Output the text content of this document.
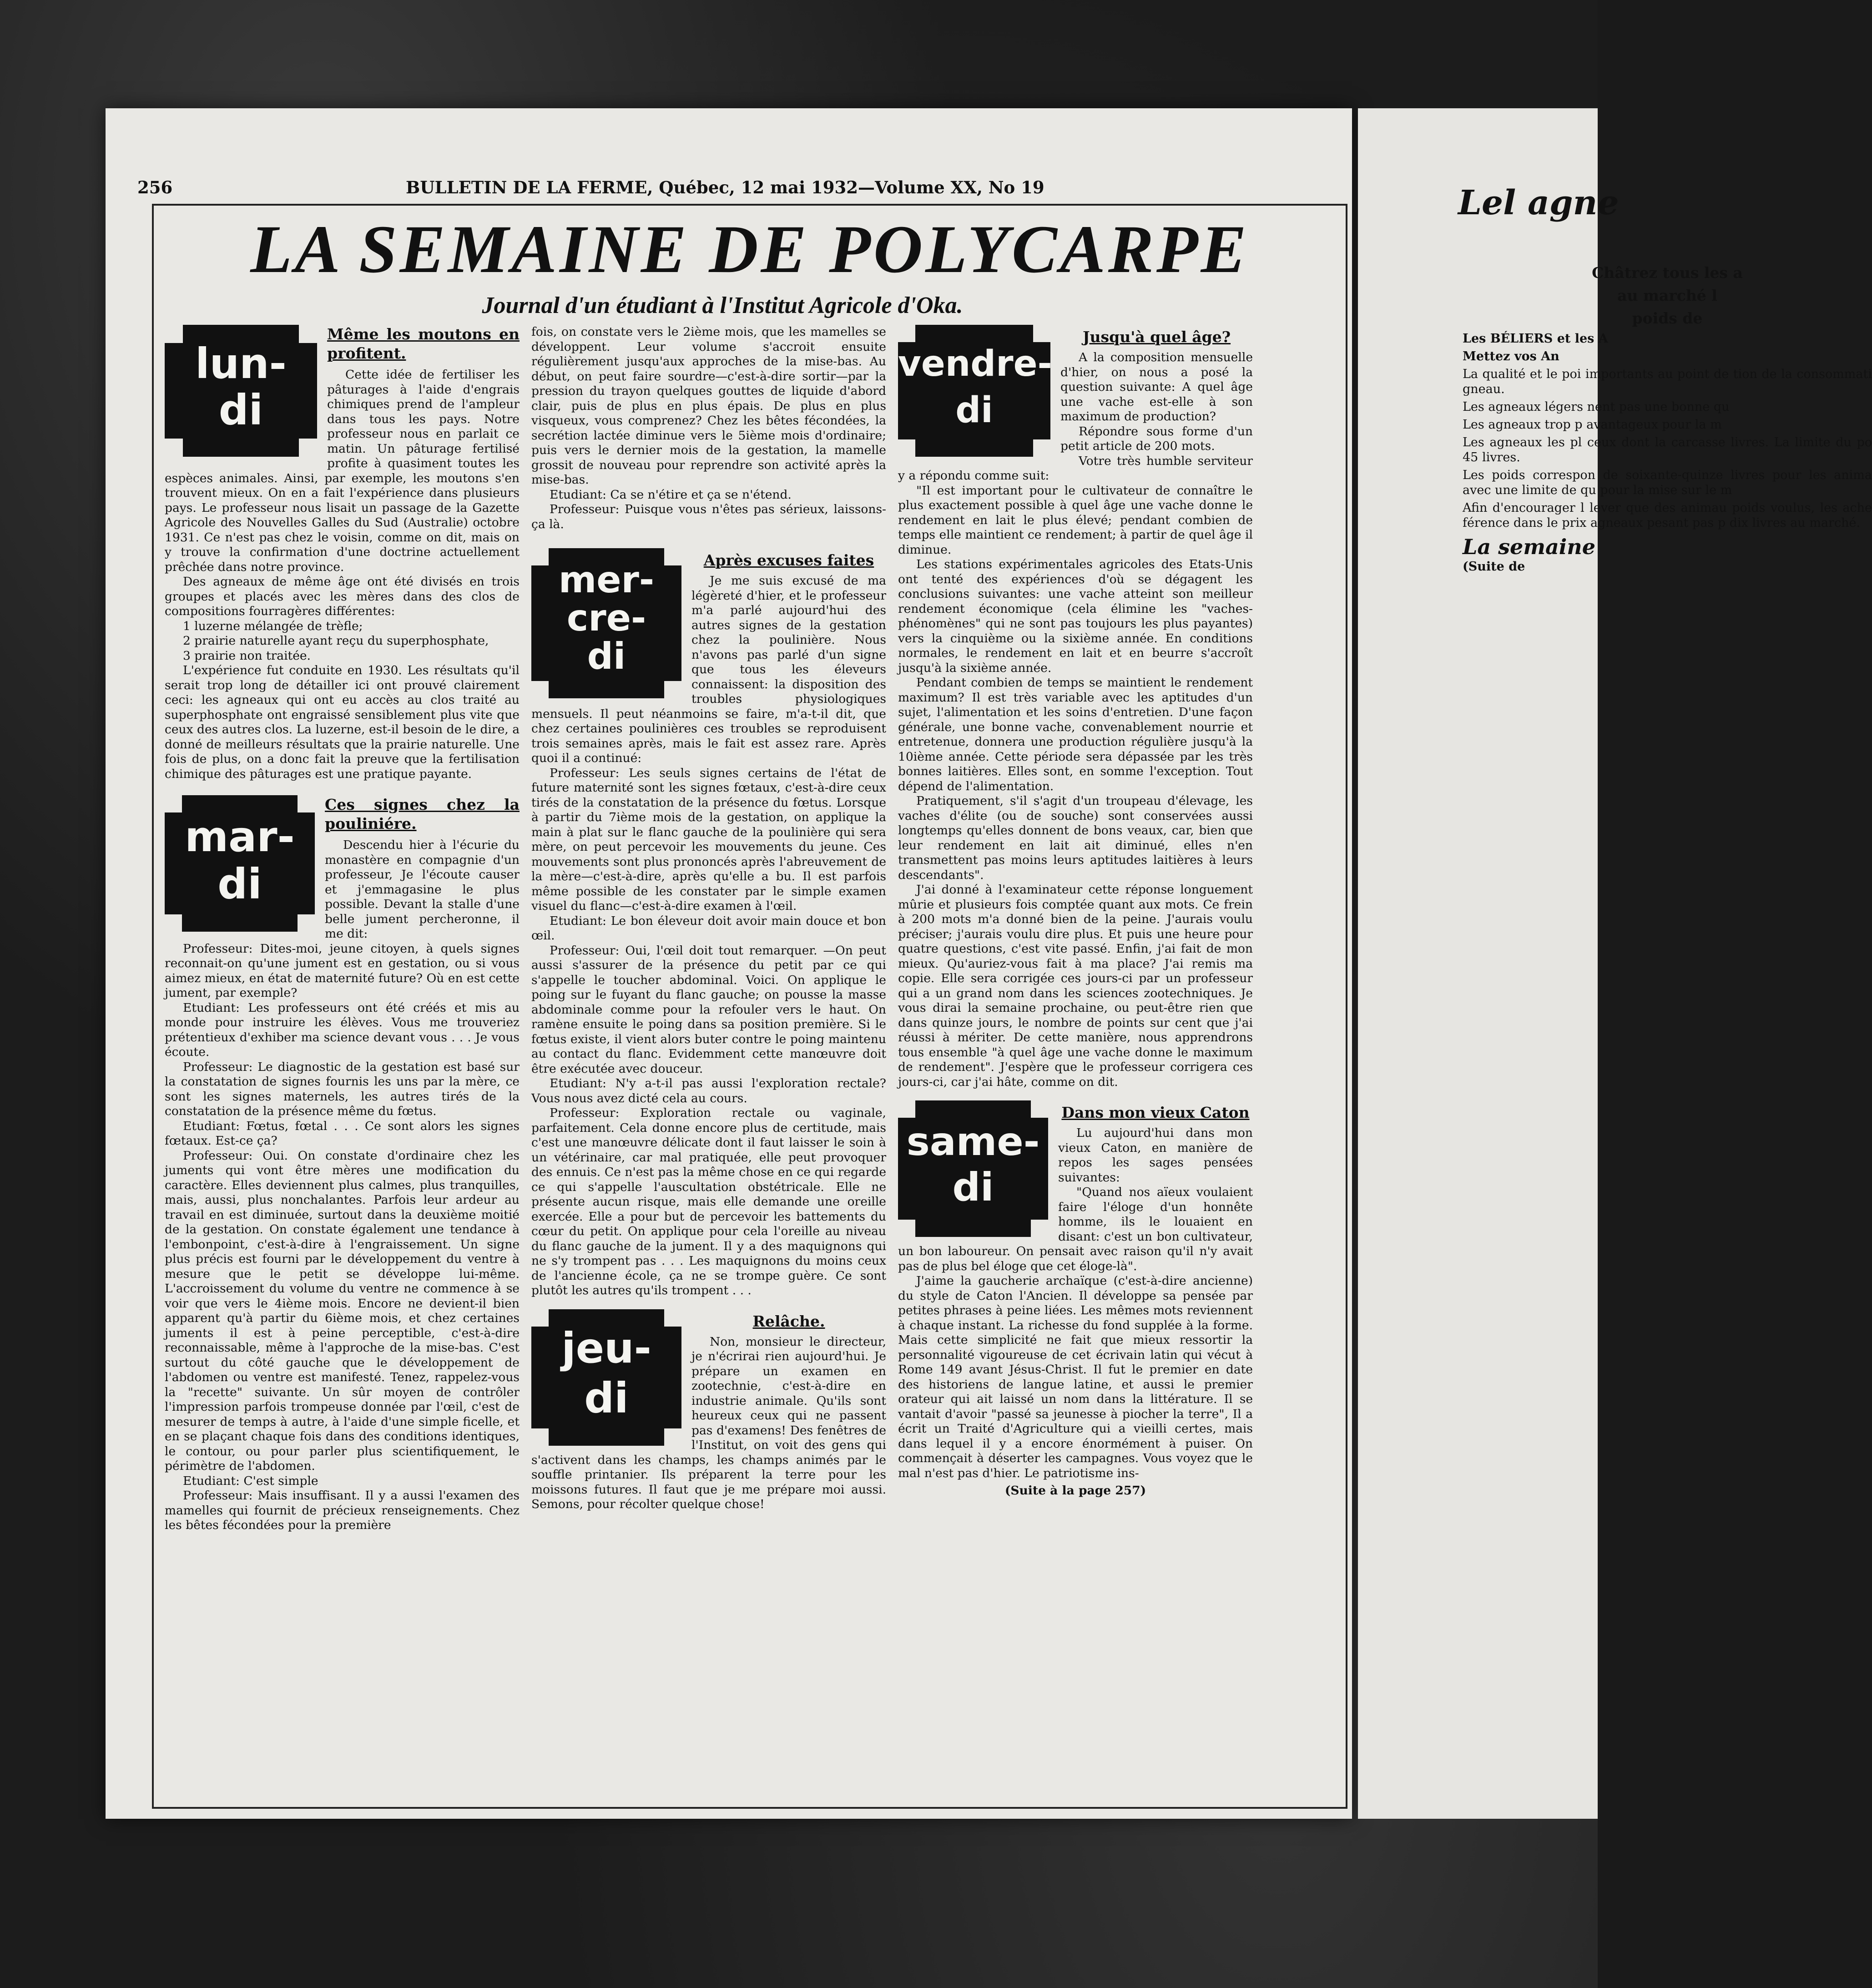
256	BULLETIN DE LA FERME, Québec, 12 mai 1932—Volume XX, No 19
LA SEMAINE DE POLYCARPE
Journal d'un étudiant à l'Institut Agricole d'Oka.
lun-
di
Même les moutons en profitent.

Cette idée de fertiliser les pâturages à l'aide d'engrais chimiques prend de l'ampleur dans tous les pays. Notre professeur nous en parlait ce matin. Un pâturage fertilisé profite à quasiment toutes les espèces animales. Ainsi, par exemple, les moutons s'en trouvent mieux. On en a fait l'expérience dans plusieurs pays. Le professeur nous lisait un passage de la Gazette Agricole des Nouvelles Galles du Sud (Australie) octobre 1931. Ce n'est pas chez le voisin, comme on dit, mais on y trouve la confirmation d'une doctrine actuellement prêchée dans notre province.

Des agneaux de même âge ont été divisés en trois groupes et placés avec les mères dans des clos de compositions fourragères différentes:

1 luzerne mélangée de trèfle;

2 prairie naturelle ayant reçu du superphosphate,

3 prairie non traitée.

L'expérience fut conduite en 1930. Les résultats qu'il serait trop long de détailler ici ont prouvé clairement ceci: les agneaux qui ont eu accès au clos traité au superphosphate ont engraissé sensiblement plus vite que ceux des autres clos. La luzerne, est-il besoin de le dire, a donné de meilleurs résultats que la prairie naturelle. Une fois de plus, on a donc fait la preuve que la fertilisation chimique des pâturages est une pratique payante.

mar-
di
Ces signes chez la pouliniére.

Descendu hier à l'écurie du monastère en compagnie d'un professeur, Je l'écoute causer et j'emmagasine le plus possible. Devant la stalle d'une belle jument percheronne, il me dit:

Professeur: Dites-moi, jeune citoyen, à quels signes reconnait-on qu'une jument est en gestation, ou si vous aimez mieux, en état de maternité future? Où en est cette jument, par exemple?

Etudiant: Les professeurs ont été créés et mis au monde pour instruire les élèves. Vous me trouveriez prétentieux d'exhiber ma science devant vous . . . Je vous écoute.

Professeur: Le diagnostic de la gestation est basé sur la constatation de signes fournis les uns par la mère, ce sont les signes maternels, les autres tirés de la constatation de la présence même du fœtus.

Etudiant: Fœtus, fœtal . . . Ce sont alors les signes fœtaux. Est-ce ça?

Professeur: Oui. On constate d'ordinaire chez les juments qui vont être mères une modification du caractère. Elles deviennent plus calmes, plus tranquilles, mais, aussi, plus nonchalantes. Parfois leur ardeur au travail en est diminuée, surtout dans la deuxième moitié de la gestation. On constate également une tendance à l'embonpoint, c'est-à-dire à l'engraissement. Un signe plus précis est fourni par le développement du ventre à mesure que le petit se développe lui-même. L'accroissement du volume du ventre ne commence à se voir que vers le 4ième mois. Encore ne devient-il bien apparent qu'à partir du 6ième mois, et chez certaines juments il est à peine perceptible, c'est-à-dire reconnaissable, même à l'approche de la mise-bas. C'est surtout du côté gauche que le développement de l'abdomen ou ventre est manifesté. Tenez, rappelez-vous la "recette" suivante. Un sûr moyen de contrôler l'impression parfois trompeuse donnée par l'œil, c'est de mesurer de temps à autre, à l'aide d'une simple ficelle, et en se plaçant chaque fois dans des conditions identiques, le contour, ou pour parler plus scientifiquement, le périmètre de l'abdomen.

Etudiant: C'est simple

Professeur: Mais insuffisant. Il y a aussi l'examen des mamelles qui fournit de précieux renseignements. Chez les bêtes fécondées pour la première

fois, on constate vers le 2ième mois, que les mamelles se développent. Leur volume s'accroit ensuite régulièrement jusqu'aux approches de la mise-bas. Au début, on peut faire sourdre—c'est-à-dire sortir—par la pression du trayon quelques gouttes de liquide d'abord clair, puis de plus en plus épais. De plus en plus visqueux, vous comprenez? Chez les bêtes fécondées, la secrétion lactée diminue vers le 5ième mois d'ordinaire; puis vers le dernier mois de la gestation, la mamelle grossit de nouveau pour reprendre son activité après la mise-bas.

Etudiant: Ca se n'étire et ça se n'étend.

Professeur: Puisque vous n'êtes pas sérieux, laissons-ça là.

mer-
cre-
di
Après excuses faites

Je me suis excusé de ma légèreté d'hier, et le professeur m'a parlé aujourd'hui des autres signes de la gestation chez la poulinière. Nous n'avons pas parlé d'un signe que tous les éleveurs connaissent: la disposition des troubles physiologiques mensuels. Il peut néanmoins se faire, m'a-t-il dit, que chez certaines poulinières ces troubles se reproduisent trois semaines après, mais le fait est assez rare. Après quoi il a continué:

Professeur: Les seuls signes certains de l'état de future maternité sont les signes fœtaux, c'est-à-dire ceux tirés de la constatation de la présence du fœtus. Lorsque à partir du 7ième mois de la gestation, on applique la main à plat sur le flanc gauche de la poulinière qui sera mère, on peut percevoir les mouvements du jeune. Ces mouvements sont plus prononcés après l'abreuvement de la mère—c'est-à-dire, après qu'elle a bu. Il est parfois même possible de les constater par le simple examen visuel du flanc—c'est-à-dire examen à l'œil.

Etudiant: Le bon éleveur doit avoir main douce et bon œil.

Professeur: Oui, l'œil doit tout remarquer. —On peut aussi s'assurer de la présence du petit par ce qui s'appelle le toucher abdominal. Voici. On applique le poing sur le fuyant du flanc gauche; on pousse la masse abdominale comme pour la refouler vers le haut. On ramène ensuite le poing dans sa position première. Si le fœtus existe, il vient alors buter contre le poing maintenu au contact du flanc. Evidemment cette manœuvre doit être exécutée avec douceur.

Etudiant: N'y a-t-il pas aussi l'exploration rectale? Vous nous avez dicté cela au cours.

Professeur: Exploration rectale ou vaginale, parfaitement. Cela donne encore plus de certitude, mais c'est une manœuvre délicate dont il faut laisser le soin à un vétérinaire, car mal pratiquée, elle peut provoquer des ennuis. Ce n'est pas la même chose en ce qui regarde ce qui s'appelle l'auscultation obstétricale. Elle ne présente aucun risque, mais elle demande une oreille exercée. Elle a pour but de percevoir les battements du cœur du petit. On applique pour cela l'oreille au niveau du flanc gauche de la jument. Il y a des maquignons qui ne s'y trompent pas . . . Les maquignons du moins ceux de l'ancienne école, ça ne se trompe guère. Ce sont plutôt les autres qu'ils trompent . . .

jeu-
di
Relâche.

Non, monsieur le directeur, je n'écrirai rien aujourd'hui. Je prépare un examen en zootechnie, c'est-à-dire en industrie animale. Qu'ils sont heureux ceux qui ne passent pas d'examens! Des fenêtres de l'Institut, on voit des gens qui s'activent dans les champs, les champs animés par le souffle printanier. Ils préparent la terre pour les moissons futures. Il faut que je me prépare moi aussi. Semons, pour récolter quelque chose!

vendre-
di
Jusqu'à quel âge?

A la composition mensuelle d'hier, on nous a posé la question suivante: A quel âge une vache est-elle à son maximum de production?

Répondre sous forme d'un petit article de 200 mots.

Votre très humble serviteur y a répondu comme suit:

"Il est important pour le cultivateur de connaître le plus exactement possible à quel âge une vache donne le rendement en lait le plus élevé; pendant combien de temps elle maintient ce rendement; à partir de quel âge il diminue.

Les stations expérimentales agricoles des Etats-Unis ont tenté des expériences d'où se dégagent les conclusions suivantes: une vache atteint son meilleur rendement économique (cela élimine les "vaches-phénomènes" qui ne sont pas toujours les plus payantes) vers la cinquième ou la sixième année. En conditions normales, le rendement en lait et en beurre s'accroît jusqu'à la sixième année.

Pendant combien de temps se maintient le rendement maximum? Il est très variable avec les aptitudes d'un sujet, l'alimentation et les soins d'entretien. D'une façon générale, une bonne vache, convenablement nourrie et entretenue, donnera une production régulière jusqu'à la 10ième année. Cette période sera dépassée par les très bonnes laitières. Elles sont, en somme l'exception. Tout dépend de l'alimentation.

Pratiquement, s'il s'agit d'un troupeau d'élevage, les vaches d'élite (ou de souche) sont conservées aussi longtemps qu'elles donnent de bons veaux, car, bien que leur rendement en lait ait diminué, elles n'en transmettent pas moins leurs aptitudes laitières à leurs descendants".

J'ai donné à l'examinateur cette réponse longuement mûrie et plusieurs fois comptée quant aux mots. Ce frein à 200 mots m'a donné bien de la peine. J'aurais voulu préciser; j'aurais voulu dire plus. Et puis une heure pour quatre questions, c'est vite passé. Enfin, j'ai fait de mon mieux. Qu'auriez-vous fait à ma place? J'ai remis ma copie. Elle sera corrigée ces jours-ci par un professeur qui a un grand nom dans les sciences zootechniques. Je vous dirai la semaine prochaine, ou peut-être rien que dans quinze jours, le nombre de points sur cent que j'ai réussi à mériter. De cette manière, nous apprendrons tous ensemble "à quel âge une vache donne le maximum de rendement". J'espère que le professeur corrigera ces jours-ci, car j'ai hâte, comme on dit.

same-
di
Dans mon vieux Caton

Lu aujourd'hui dans mon vieux Caton, en manière de repos les sages pensées suivantes:

"Quand nos aïeux voulaient faire l'éloge d'un honnête homme, ils le louaient en disant: c'est un bon cultivateur, un bon laboureur. On pensait avec raison qu'il n'y avait pas de plus bel éloge que cet éloge-là".

J'aime la gaucherie archaïque (c'est-à-dire ancienne) du style de Caton l'Ancien. Il développe sa pensée par petites phrases à peine liées. Les mêmes mots reviennent à chaque instant. La richesse du fond supplée à la forme. Mais cette simplicité ne fait que mieux ressortir la personnalité vigoureuse de cet écrivain latin qui vécut à Rome 149 avant Jésus-Christ. Il fut le premier en date des historiens de langue latine, et aussi le premier orateur qui ait laissé un nom dans la littérature. Il se vantait d'avoir "passé sa jeunesse à piocher la terre", Il a écrit un Traité d'Agriculture qui a vieilli certes, mais dans lequel il y a encore énormément à puiser. On commençait à déserter les campagnes. Vous voyez que le mal n'est pas d'hier. Le patriotisme ins-

(Suite à la page 257)
Lel agne

Châtrez tous les a

au marché l

poids de

Les BÉLIERS et les A

Mettez vos An

La qualité et le poi importants au point de tion de la consommati gneau.

Les agneaux légers nent pas une bonne qu

Les agneaux trop p avantageux pour la m

Les agneaux les pl ceux dont la carcasse livres. La limite du po 45 livres.

Les poids correspon de soixante-quinze livres pour les anima avec une limite de qu pour la mise sur le m

Afin d'encourager l lever que des animau poids voulus, les ache férence dans le prix agneaux pesant pas p dix livres au marché.

La semaine

(Suite de
